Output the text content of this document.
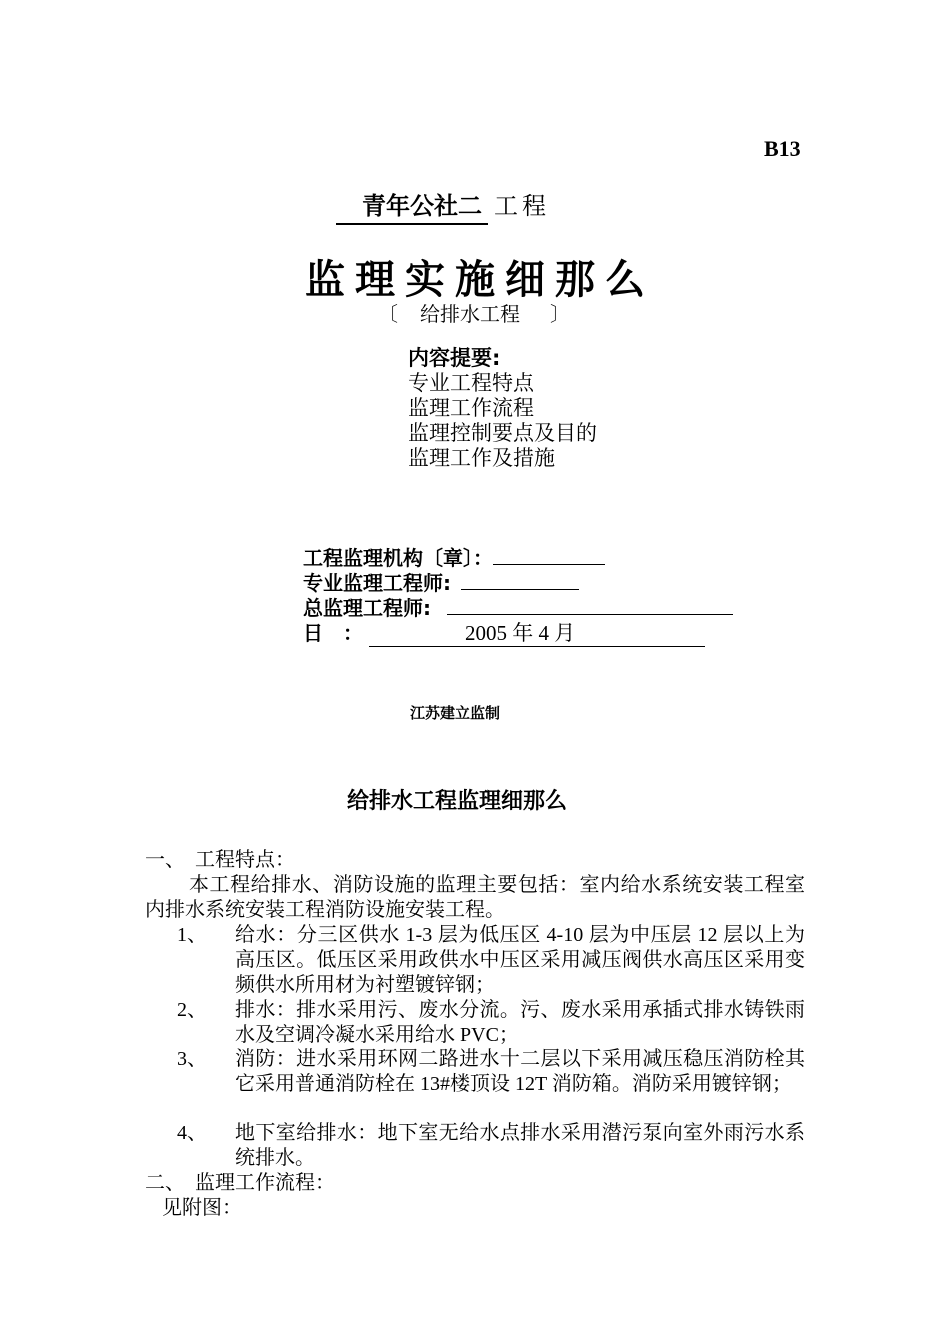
B13
青年公社二 工程
监理实施细那么
〔 给排水工程 〕
内容提要:
专业工程特点
监理工作流程
监理控制要点及目的
监理工作及措施
工程监理机构〔章〕：
专业监理工程师:
总监理工程师:
日　：	2005 年 4 月
江苏建立监制
给排水工程监理细那么
一、　工程特点：
本工程给排水、消防设施的监理主要包括：室内给水系统安装工程室内排水系统安装工程消防设施安装工程。
1、 给水：分三区供水 1-3 层为低压区 4-10 层为中压层 12 层以上为高压区。低压区采用政供水中压区采用减压阀供水高压区采用变频供水所用材为衬塑镀锌钢；
2、 排水：排水采用污、废水分流。污、废水采用承插式排水铸铁雨水及空调冷凝水采用给水 PVC；
3、 消防：进水采用环网二路进水十二层以下采用减压稳压消防栓其它采用普通消防栓在 13#楼顶设 12T 消防箱。消防采用镀锌钢；
4、 地下室给排水：地下室无给水点排水采用潜污泵向室外雨污水系统排水。
二、　监理工作流程：
见附图：
